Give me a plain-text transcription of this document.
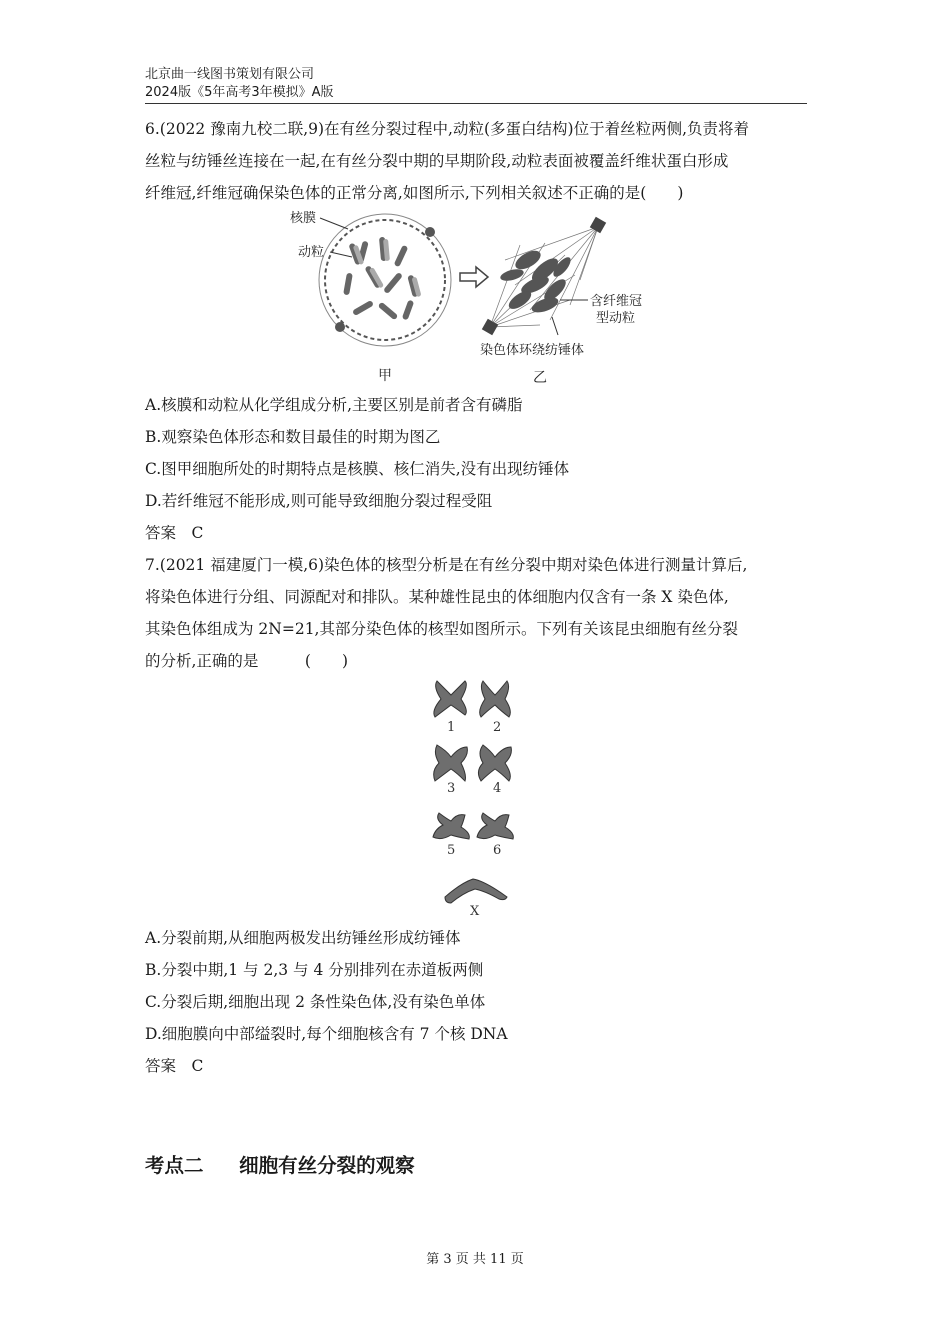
北京曲一线图书策划有限公司
2024版《5年高考3年模拟》A版

6.(2022 豫南九校二联,9)在有丝分裂过程中,动粒(多蛋白结构)位于着丝粒两侧,负责将着

丝粒与纺锤丝连接在一起,在有丝分裂中期的早期阶段,动粒表面被覆盖纤维状蛋白形成

纤维冠,纤维冠确保染色体的正常分离,如图所示,下列相关叙述不正确的是(　　)

核膜
动粒
含纤维冠
型动粒
染色体环绕纺锤体
甲	乙
A.核膜和动粒从化学组成分析,主要区别是前者含有磷脂
B.观察染色体形态和数目最佳的时期为图乙
C.图甲细胞所处的时期特点是核膜、核仁消失,没有出现纺锤体
D.若纤维冠不能形成,则可能导致细胞分裂过程受阻
答案　C

7.(2021 福建厦门一模,6)染色体的核型分析是在有丝分裂中期对染色体进行测量计算后,

将染色体进行分组、同源配对和排队。某种雄性昆虫的体细胞内仅含有一条 X 染色体,

其染色体组成为 2N=21,其部分染色体的核型如图所示。下列有关该昆虫细胞有丝分裂

的分析,正确的是　　　(　　)

1	2
3	4
5	6
X
A.分裂前期,从细胞两极发出纺锤丝形成纺锤体
B.分裂中期,1 与 2,3 与 4 分别排列在赤道板两侧
C.分裂后期,细胞出现 2 条性染色体,没有染色单体
D.细胞膜向中部缢裂时,每个细胞核含有 7 个核 DNA
答案　C
考点二 细胞有丝分裂的观察
第 3 页 共 11 页
